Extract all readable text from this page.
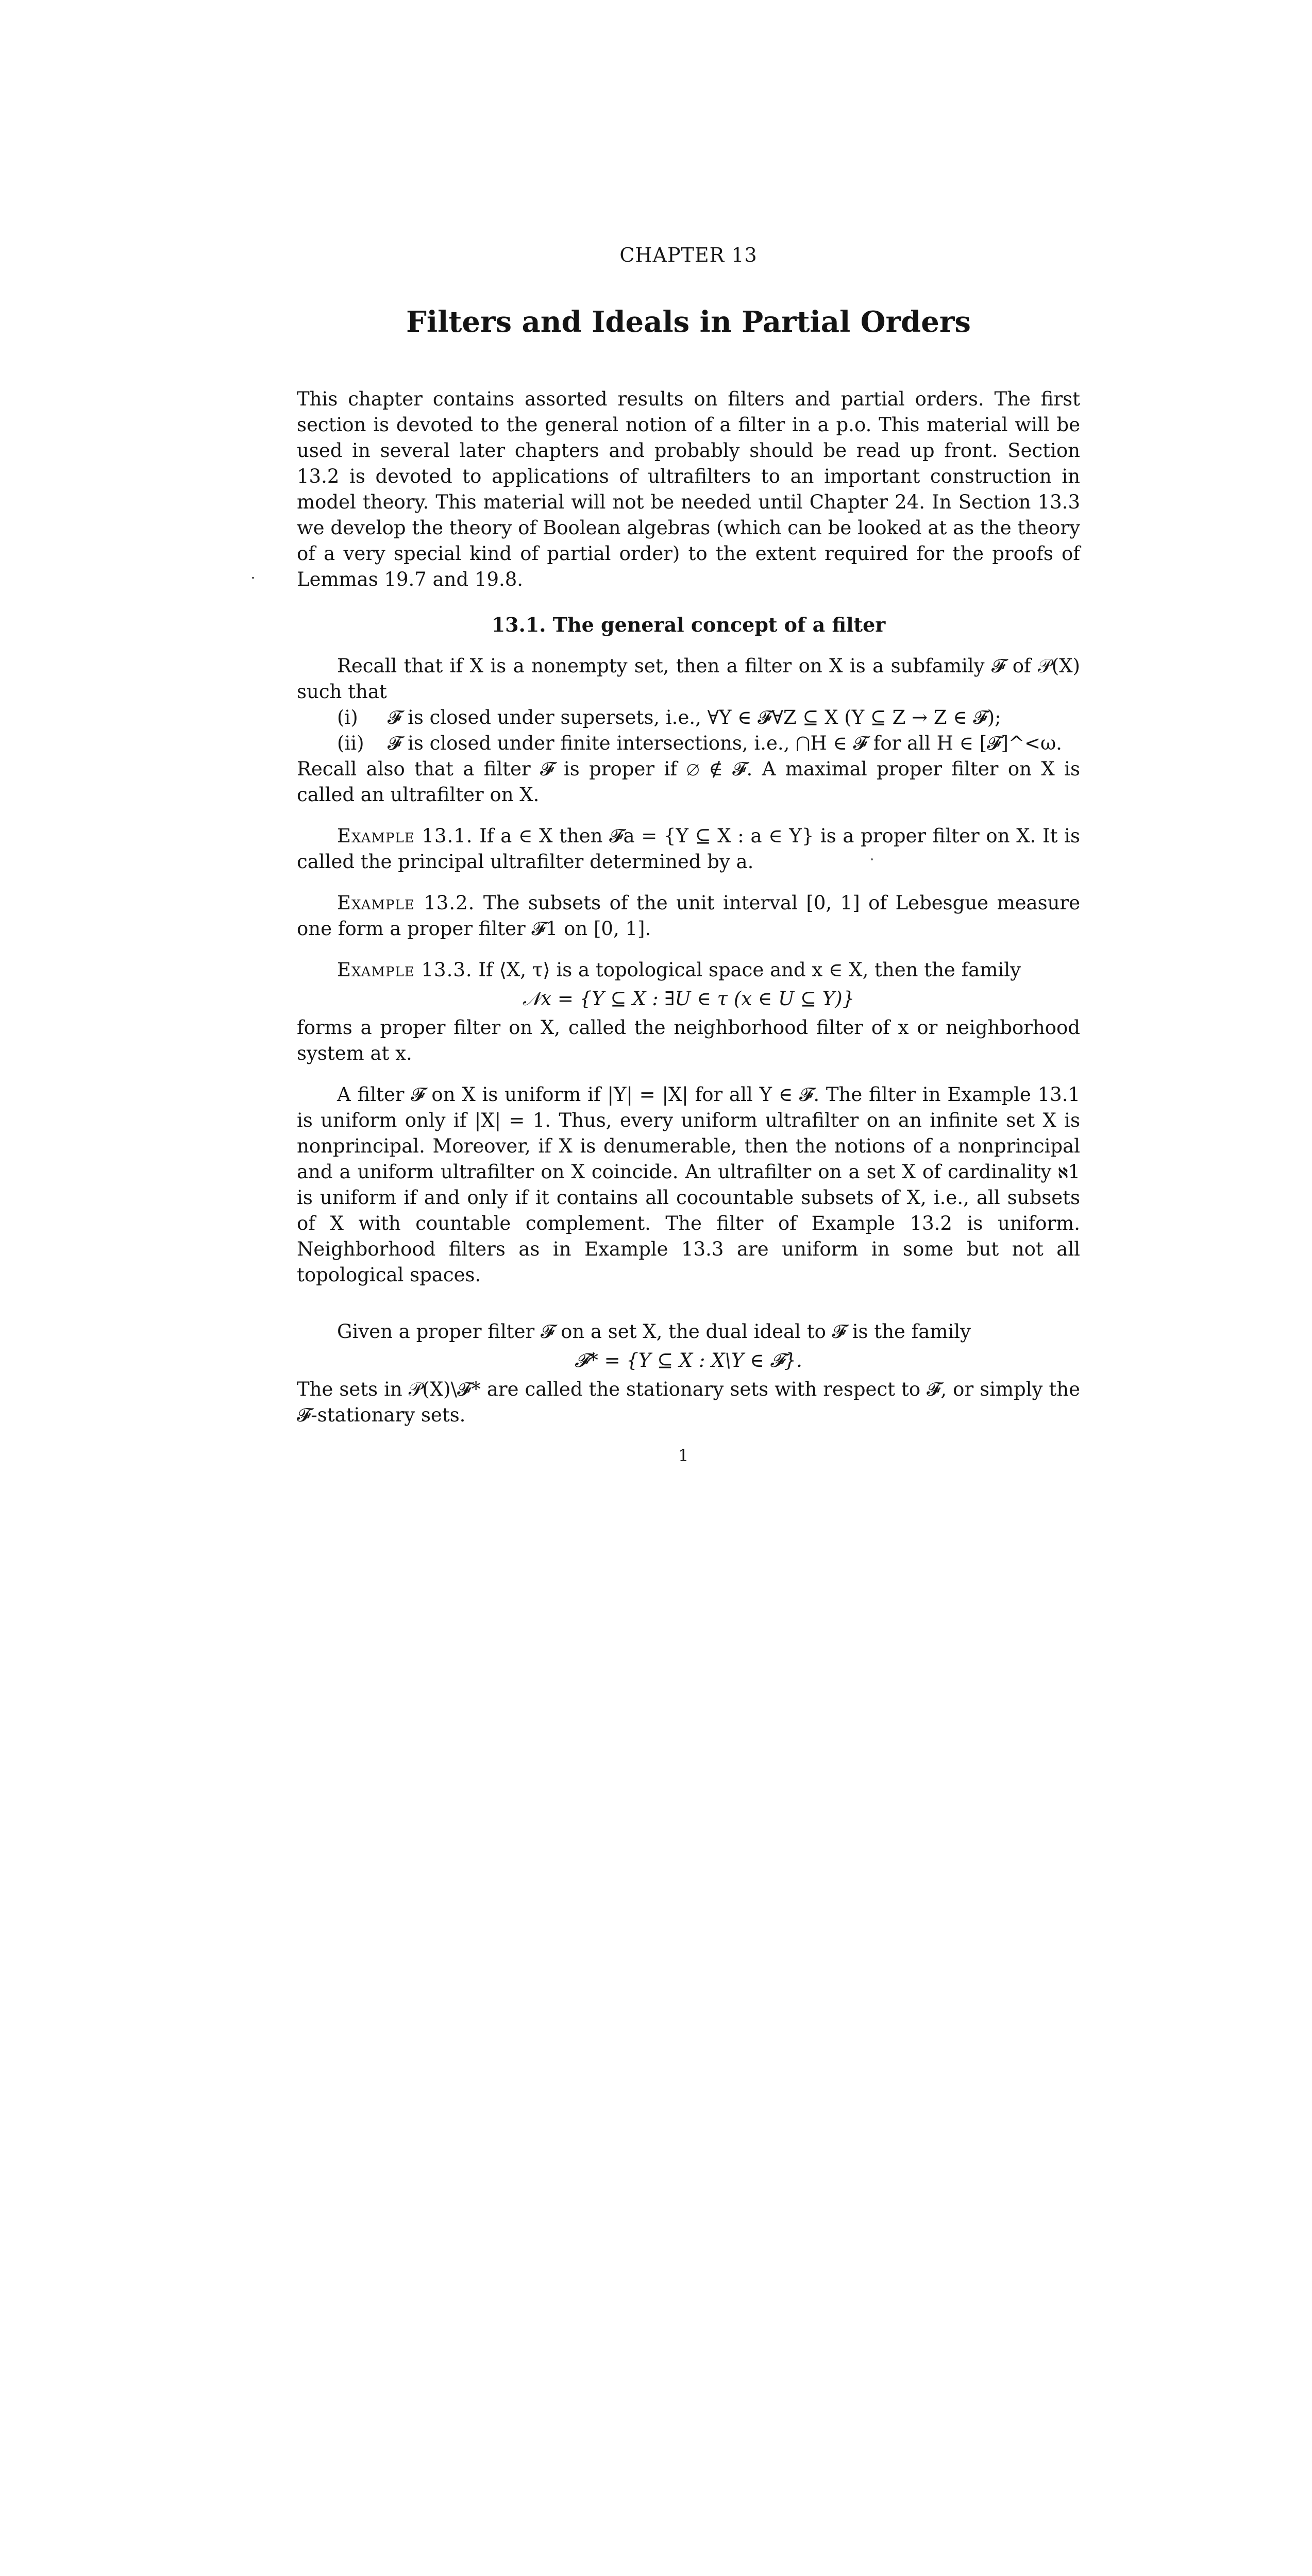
CHAPTER 13
Filters and Ideals in Partial Orders

This chapter contains assorted results on filters and partial orders. The first section is devoted to the general notion of a filter in a p.o. This material will be used in several later chapters and probably should be read up front. Section 13.2 is devoted to applications of ultrafilters to an important construction in model theory. This material will not be needed until Chapter 24. In Section 13.3 we develop the theory of Boolean algebras (which can be looked at as the theory of a very special kind of partial order) to the extent required for the proofs of Lemmas 19.7 and 19.8.

13.1. The general concept of a filter

Recall that if X is a nonempty set, then a filter on X is a subfamily 𝓕 of 𝒫(X) such that

(i)	𝓕 is closed under supersets, i.e., ∀Y ∈ 𝓕∀Z ⊆ X (Y ⊆ Z → Z ∈ 𝓕);
(ii)	𝓕 is closed under finite intersections, i.e., ⋂H ∈ 𝓕 for all H ∈ [𝓕]^<ω.

Recall also that a filter 𝓕 is proper if ∅ ∉ 𝓕. A maximal proper filter on X is called an ultrafilter on X.

Example 13.1. If a ∈ X then 𝓕a = {Y ⊆ X : a ∈ Y} is a proper filter on X. It is called the principal ultrafilter determined by a.

Example 13.2. The subsets of the unit interval [0, 1] of Lebesgue measure one form a proper filter 𝓕1 on [0, 1].

Example 13.3. If ⟨X, τ⟩ is a topological space and x ∈ X, then the family

𝒩x = {Y ⊆ X : ∃U ∈ τ (x ∈ U ⊆ Y)}

forms a proper filter on X, called the neighborhood filter of x or neighborhood system at x.

A filter 𝓕 on X is uniform if |Y| = |X| for all Y ∈ 𝓕. The filter in Example 13.1 is uniform only if |X| = 1. Thus, every uniform ultrafilter on an infinite set X is nonprincipal. Moreover, if X is denumerable, then the notions of a nonprincipal and a uniform ultrafilter on X coincide. An ultrafilter on a set X of cardinality ℵ1 is uniform if and only if it contains all cocountable subsets of X, i.e., all subsets of X with countable complement. The filter of Example 13.2 is uniform. Neighborhood filters as in Example 13.3 are uniform in some but not all topological spaces.

Given a proper filter 𝓕 on a set X, the dual ideal to 𝓕 is the family

𝓕* = {Y ⊆ X : X\Y ∈ 𝓕}.

The sets in 𝒫(X)\𝓕* are called the stationary sets with respect to 𝓕, or simply the 𝓕-stationary sets.

1
